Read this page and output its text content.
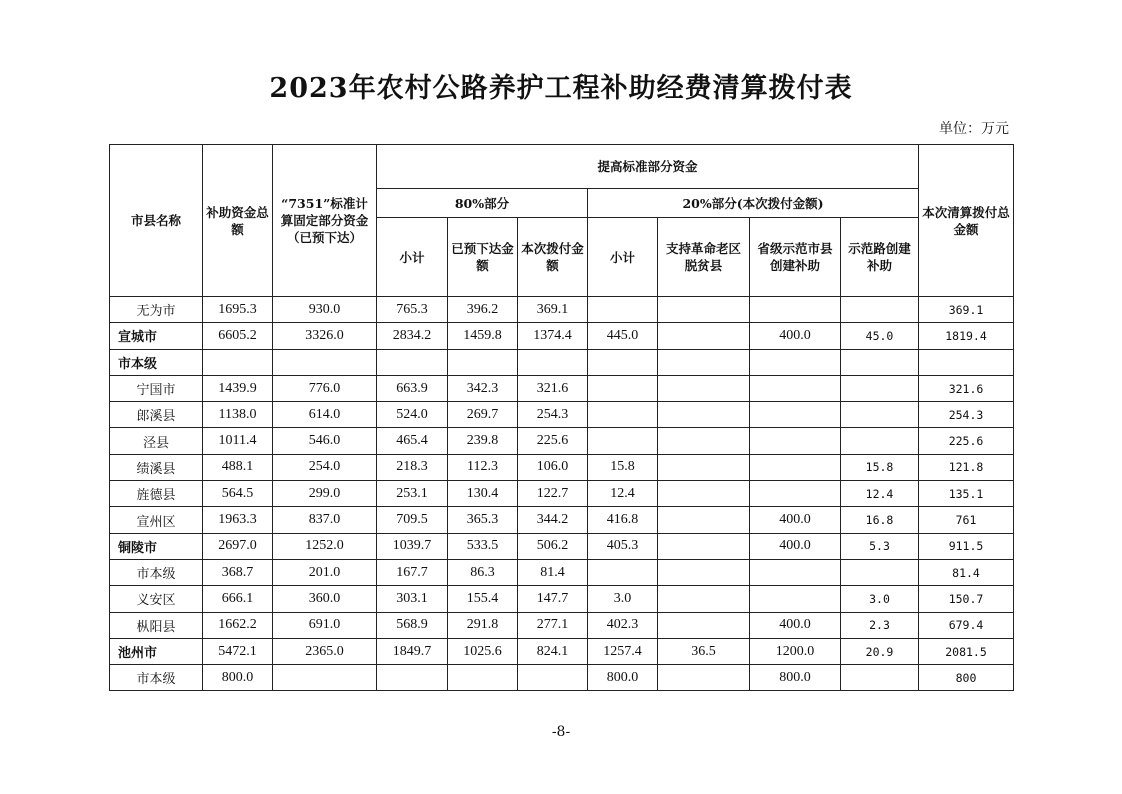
2023年农村公路养护工程补助经费清算拨付表
单位：万元
市县名称	补助资金总额	“7351”标准计算固定部分资金（已预下达）	提高标准部分资金							本次清算拨付总金额
			80%部分			20%部分(本次拨付金额)				
			小计	已预下达金额	本次拨付金额	小计	支持革命老区脱贫县	省级示范市县创建补助	示范路创建补助	
无为市	1695.3	930.0	765.3	396.2	369.1					369.1
宣城市	6605.2	3326.0	2834.2	1459.8	1374.4	445.0		400.0	45.0	1819.4
市本级										
宁国市	1439.9	776.0	663.9	342.3	321.6					321.6
郎溪县	1138.0	614.0	524.0	269.7	254.3					254.3
泾县	1011.4	546.0	465.4	239.8	225.6					225.6
绩溪县	488.1	254.0	218.3	112.3	106.0	15.8			15.8	121.8
旌德县	564.5	299.0	253.1	130.4	122.7	12.4			12.4	135.1
宣州区	1963.3	837.0	709.5	365.3	344.2	416.8		400.0	16.8	761
铜陵市	2697.0	1252.0	1039.7	533.5	506.2	405.3		400.0	5.3	911.5
市本级	368.7	201.0	167.7	86.3	81.4					81.4
义安区	666.1	360.0	303.1	155.4	147.7	3.0			3.0	150.7
枞阳县	1662.2	691.0	568.9	291.8	277.1	402.3		400.0	2.3	679.4
池州市	5472.1	2365.0	1849.7	1025.6	824.1	1257.4	36.5	1200.0	20.9	2081.5
市本级	800.0					800.0		800.0		800
-8-
